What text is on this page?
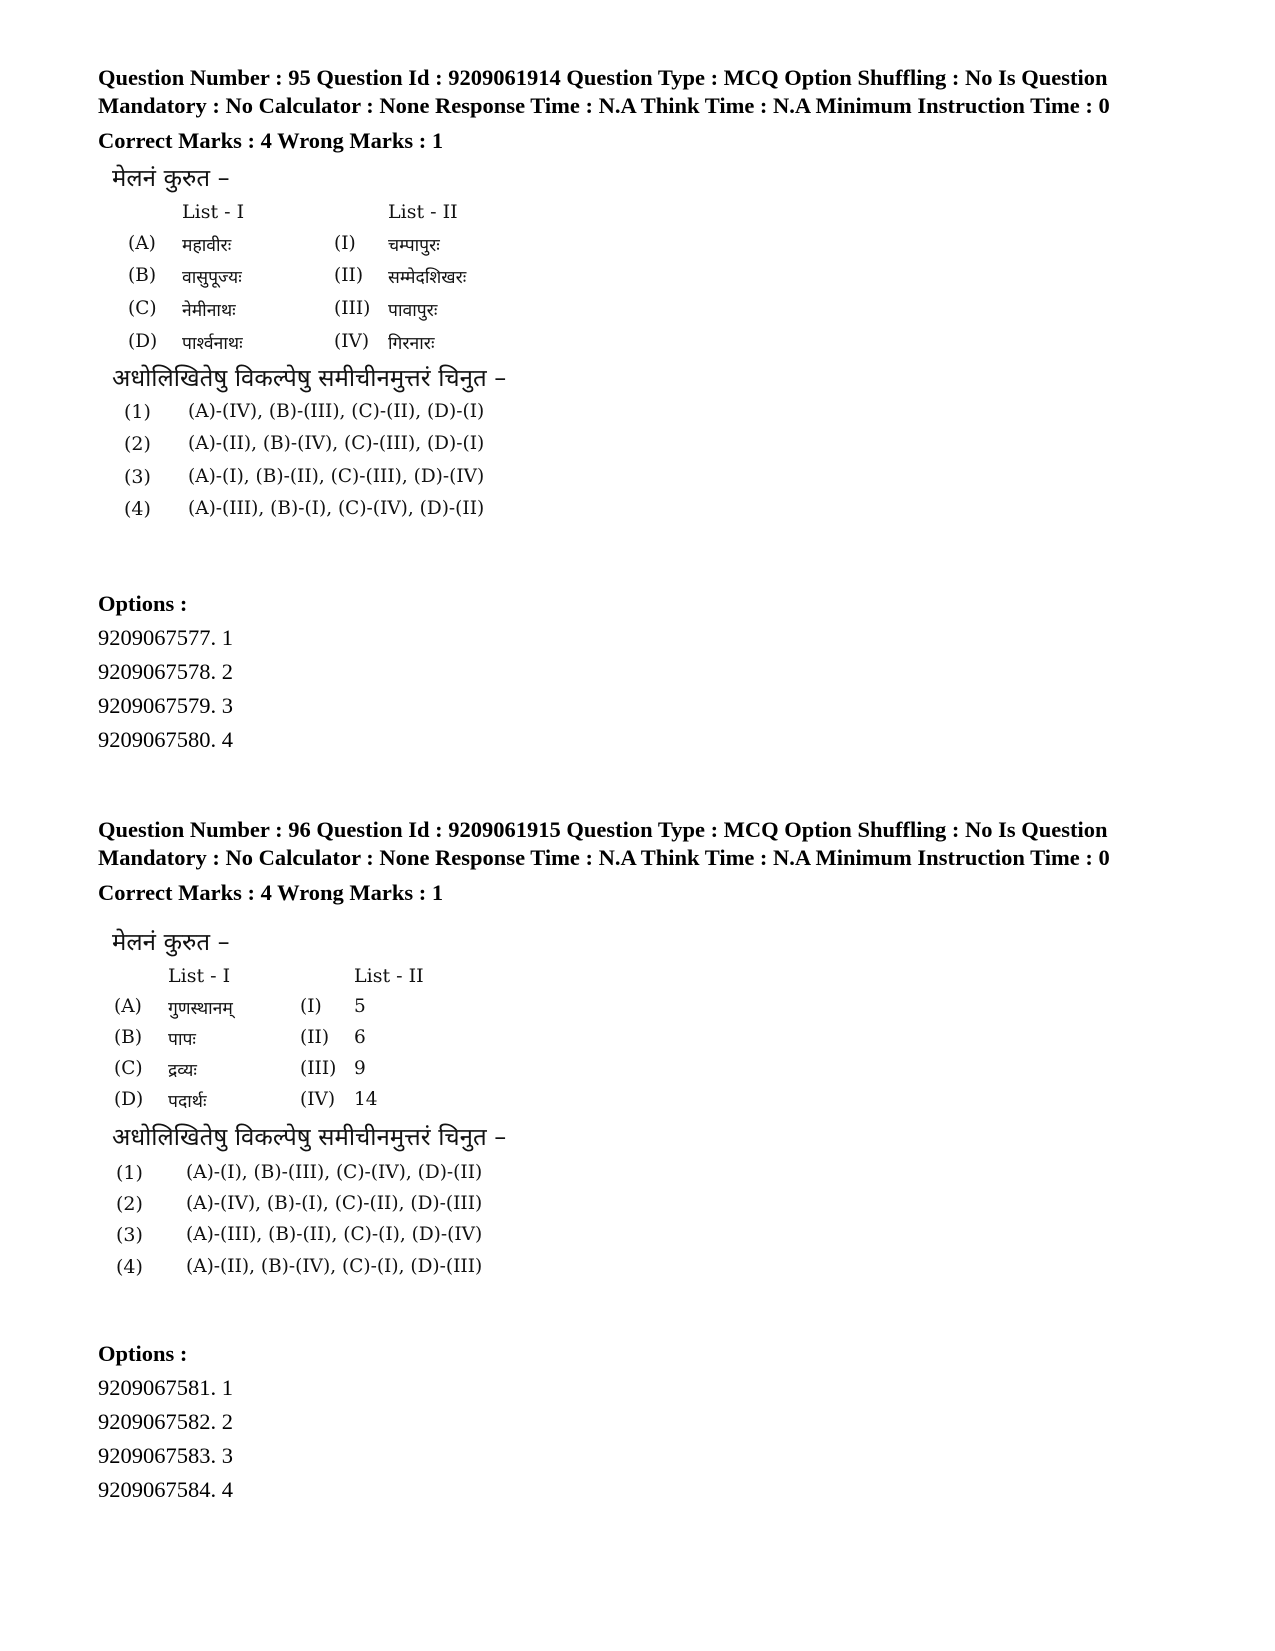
Question Number : 95 Question Id : 9209061914 Question Type : MCQ Option Shuffling : No Is Question Mandatory : No Calculator : None Response Time : N.A Think Time : N.A Minimum Instruction Time : 0

Correct Marks : 4 Wrong Marks : 1
मेलनं कुरुत –
List - I	List - II
(A) महावीरः	(I) चम्पापुरः
(B) वासुपूज्यः	(II) सम्मेदशिखरः
(C) नेमीनाथः	(III) पावापुरः
(D) पार्श्वनाथः	(IV) गिरनारः
अधोलिखितेषु विकल्पेषु समीचीनमुत्तरं चिनुत –
(1) (A)-(IV), (B)-(III), (C)-(II), (D)-(I)
(2) (A)-(II), (B)-(IV), (C)-(III), (D)-(I)
(3) (A)-(I), (B)-(II), (C)-(III), (D)-(IV)
(4) (A)-(III), (B)-(I), (C)-(IV), (D)-(II)
Options :
9209067577. 1
9209067578. 2
9209067579. 3
9209067580. 4

Question Number : 96 Question Id : 9209061915 Question Type : MCQ Option Shuffling : No Is Question Mandatory : No Calculator : None Response Time : N.A Think Time : N.A Minimum Instruction Time : 0

Correct Marks : 4 Wrong Marks : 1
मेलनं कुरुत –
List - I	List - II
(A) गुणस्थानम्	(I) 5
(B) पापः	(II) 6
(C) द्रव्यः	(III) 9
(D) पदार्थः	(IV) 14
अधोलिखितेषु विकल्पेषु समीचीनमुत्तरं चिनुत –
(1) (A)-(I), (B)-(III), (C)-(IV), (D)-(II)
(2) (A)-(IV), (B)-(I), (C)-(II), (D)-(III)
(3) (A)-(III), (B)-(II), (C)-(I), (D)-(IV)
(4) (A)-(II), (B)-(IV), (C)-(I), (D)-(III)
Options :
9209067581. 1
9209067582. 2
9209067583. 3
9209067584. 4
